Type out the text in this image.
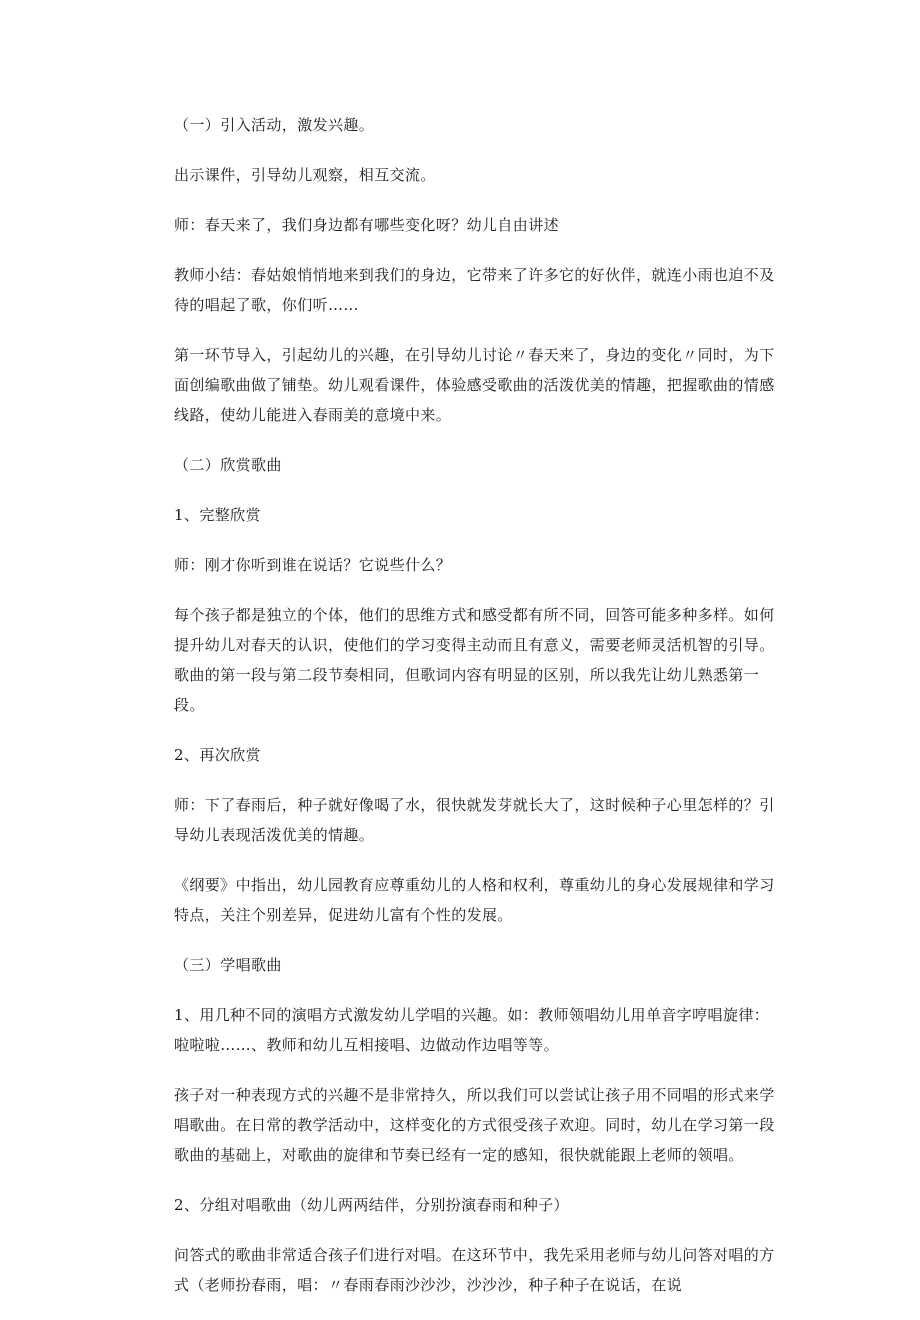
（一）引入活动，激发兴趣。

出示课件，引导幼儿观察，相互交流。

师：春天来了，我们身边都有哪些变化呀？幼儿自由讲述

教师小结：春姑娘悄悄地来到我们的身边，它带来了许多它的好伙伴，就连小雨也迫不及待的唱起了歌，你们听……

第一环节导入，引起幼儿的兴趣，在引导幼儿讨论〃春天来了，身边的变化〃同时，为下面创编歌曲做了铺垫。幼儿观看课件，体验感受歌曲的活泼优美的情趣，把握歌曲的情感线路，使幼儿能进入春雨美的意境中来。

（二）欣赏歌曲

1、完整欣赏

师：刚才你听到谁在说话？它说些什么？

每个孩子都是独立的个体，他们的思维方式和感受都有所不同，回答可能多种多样。如何提升幼儿对春天的认识，使他们的学习变得主动而且有意义，需要老师灵活机智的引导。歌曲的第一段与第二段节奏相同，但歌词内容有明显的区别，所以我先让幼儿熟悉第一段。

2、再次欣赏

师：下了春雨后，种子就好像喝了水，很快就发芽就长大了，这时候种子心里怎样的？引导幼儿表现活泼优美的情趣。

《纲要》中指出，幼儿园教育应尊重幼儿的人格和权利，尊重幼儿的身心发展规律和学习特点，关注个别差异，促进幼儿富有个性的发展。

（三）学唱歌曲

1、用几种不同的演唱方式激发幼儿学唱的兴趣。如：教师领唱幼儿用单音字哼唱旋律：啦啦啦……、教师和幼儿互相接唱、边做动作边唱等等。

孩子对一种表现方式的兴趣不是非常持久，所以我们可以尝试让孩子用不同唱的形式来学唱歌曲。在日常的教学活动中，这样变化的方式很受孩子欢迎。同时，幼儿在学习第一段歌曲的基础上，对歌曲的旋律和节奏已经有一定的感知，很快就能跟上老师的领唱。

2、分组对唱歌曲（幼儿两两结伴，分别扮演春雨和种子）

问答式的歌曲非常适合孩子们进行对唱。在这环节中，我先采用老师与幼儿问答对唱的方式（老师扮春雨，唱：〃春雨春雨沙沙沙，沙沙沙，种子种子在说话，在说
